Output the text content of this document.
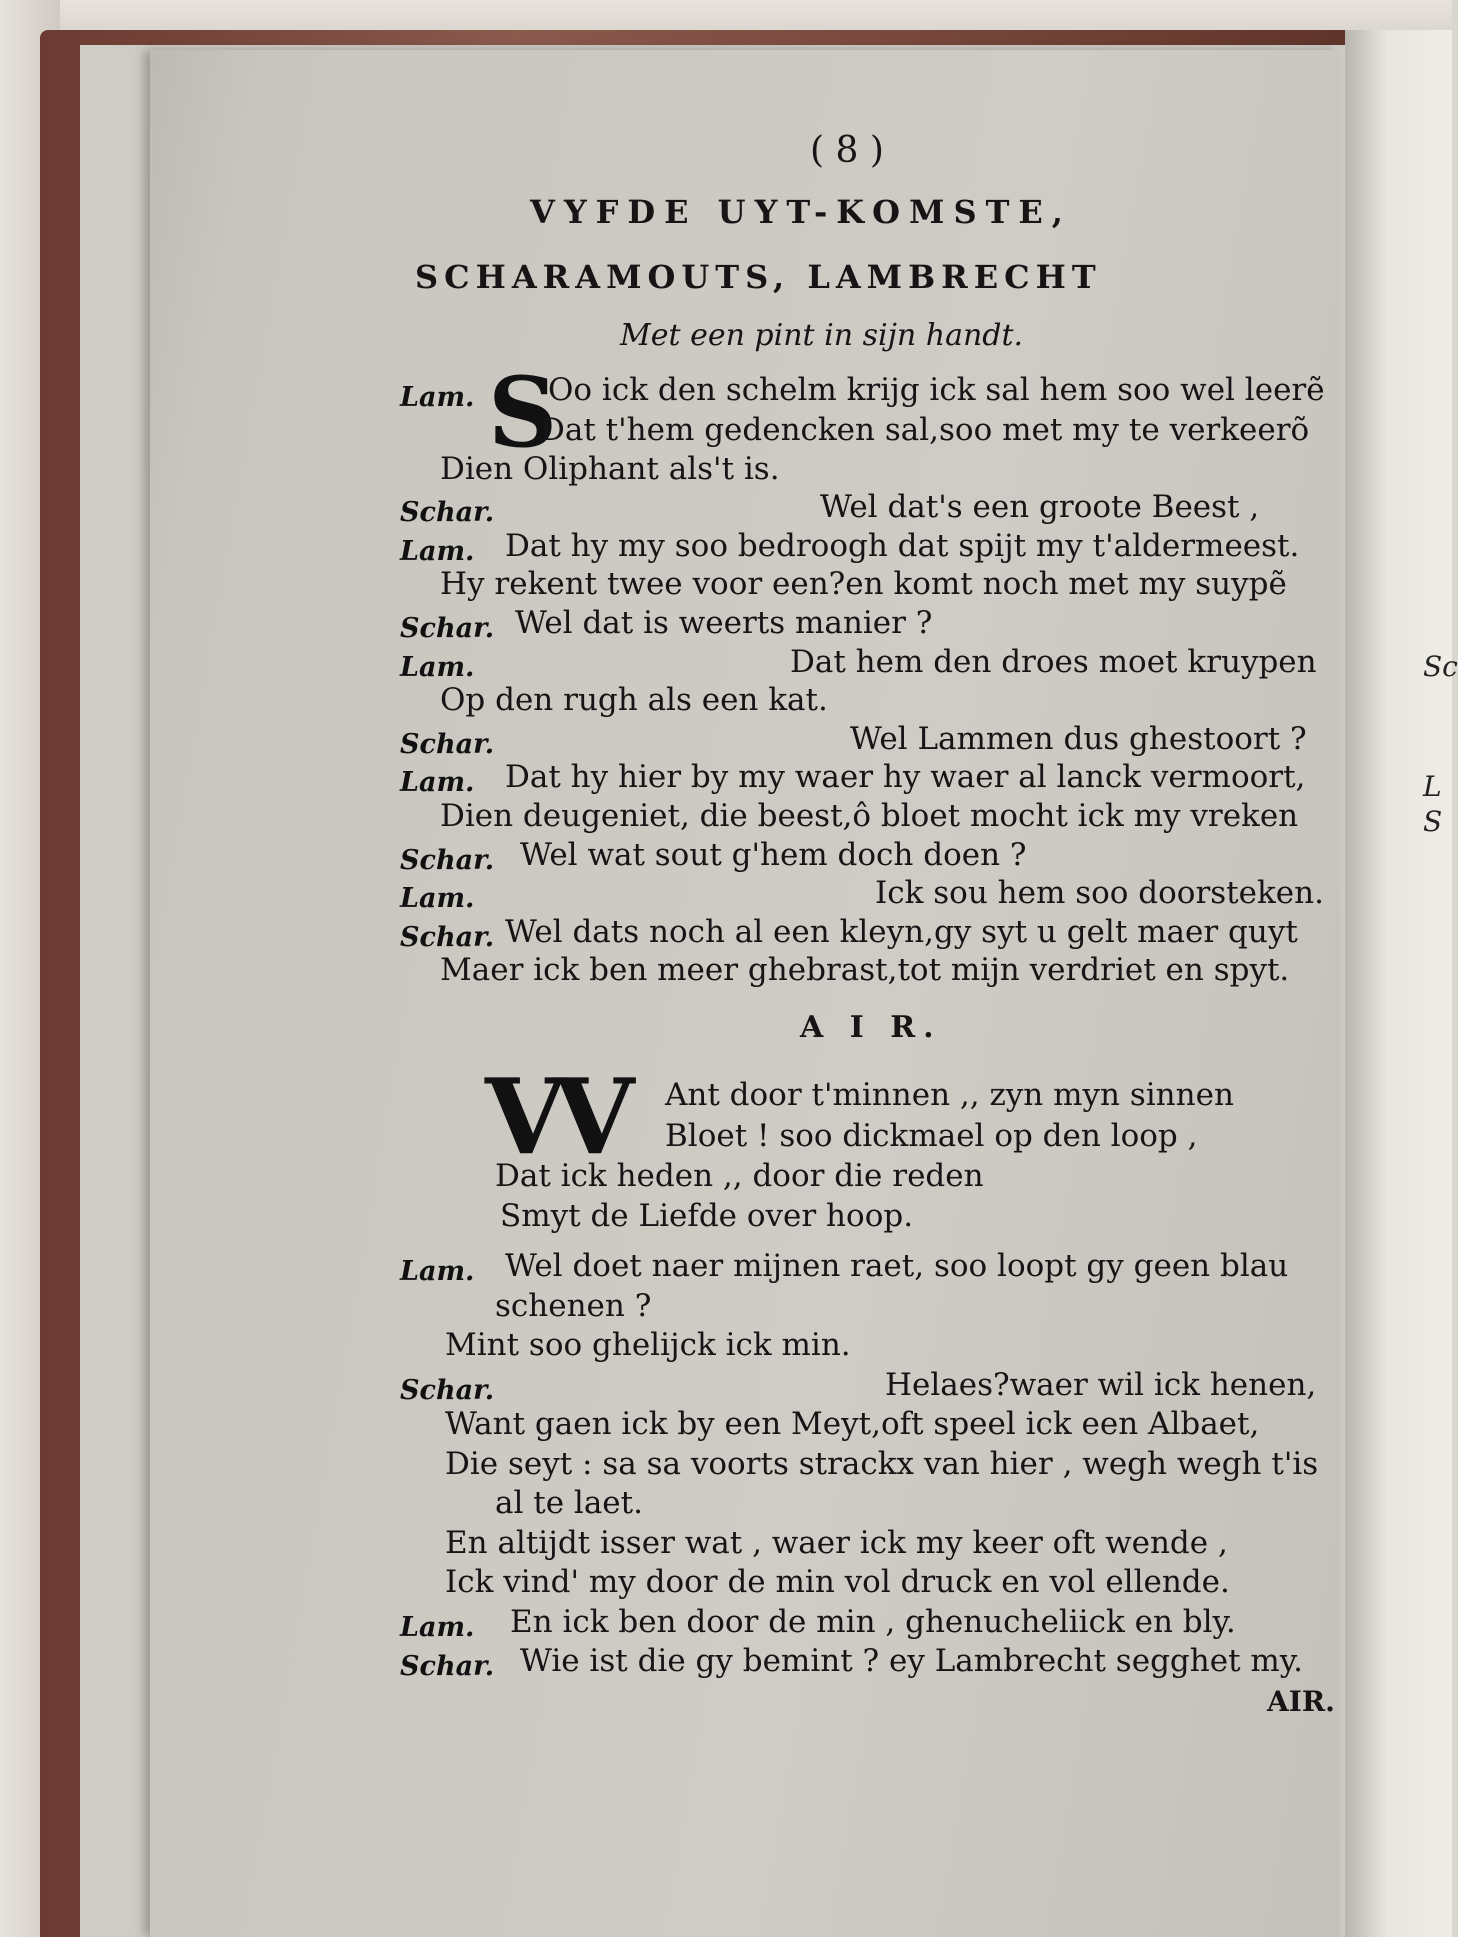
Sc
L
S
( 8 )
VYFDE UYT-KOMSTE,
SCHARAMOUTS, LAMBRECHT
Met een pint in sijn handt.
S
Lam. Oo ick den schelm krijg ick sal hem soo wel leerẽ
Dat t'hem gedencken sal,soo met my te verkeerõ
Dien Oliphant als't is.
Schar.	Wel dat's een groote Beest ,
Lam. Dat hy my soo bedroogh dat spijt my t'aldermeest.
Hy rekent twee voor een?en komt noch met my suypẽ
Schar. Wel dat is weerts manier ?
Lam.	Dat hem den droes moet kruypen
Op den rugh als een kat.
Schar.	Wel Lammen dus ghestoort ?
Lam. Dat hy hier by my waer hy waer al lanck vermoort,
Dien deugeniet, die beest,ô bloet mocht ick my vreken
Schar. Wel wat sout g'hem doch doen ?
Lam.	Ick sou hem soo doorsteken.
Schar. Wel dats noch al een kleyn,gy syt u gelt maer quyt
Maer ick ben meer ghebrast,tot mijn verdriet en spyt.
A I R.
VV Ant door t'minnen ,, zyn myn sinnen
Bloet ! soo dickmael op den loop ,
Dat ick heden ,, door die reden
Smyt de Liefde over hoop.
Lam. Wel doet naer mijnen raet, soo loopt gy geen blau
schenen ?
Mint soo ghelijck ick min.
Schar.	Helaes?waer wil ick henen,
Want gaen ick by een Meyt,oft speel ick een Albaet,
Die seyt : sa sa voorts strackx van hier , wegh wegh t'is
al te laet.
En altijdt isser wat , waer ick my keer oft wende ,
Ick vind' my door de min vol druck en vol ellende.
Lam. En ick ben door de min , ghenucheliick en bly.
Schar. Wie ist die gy bemint ? ey Lambrecht segghet my.
AIR.
